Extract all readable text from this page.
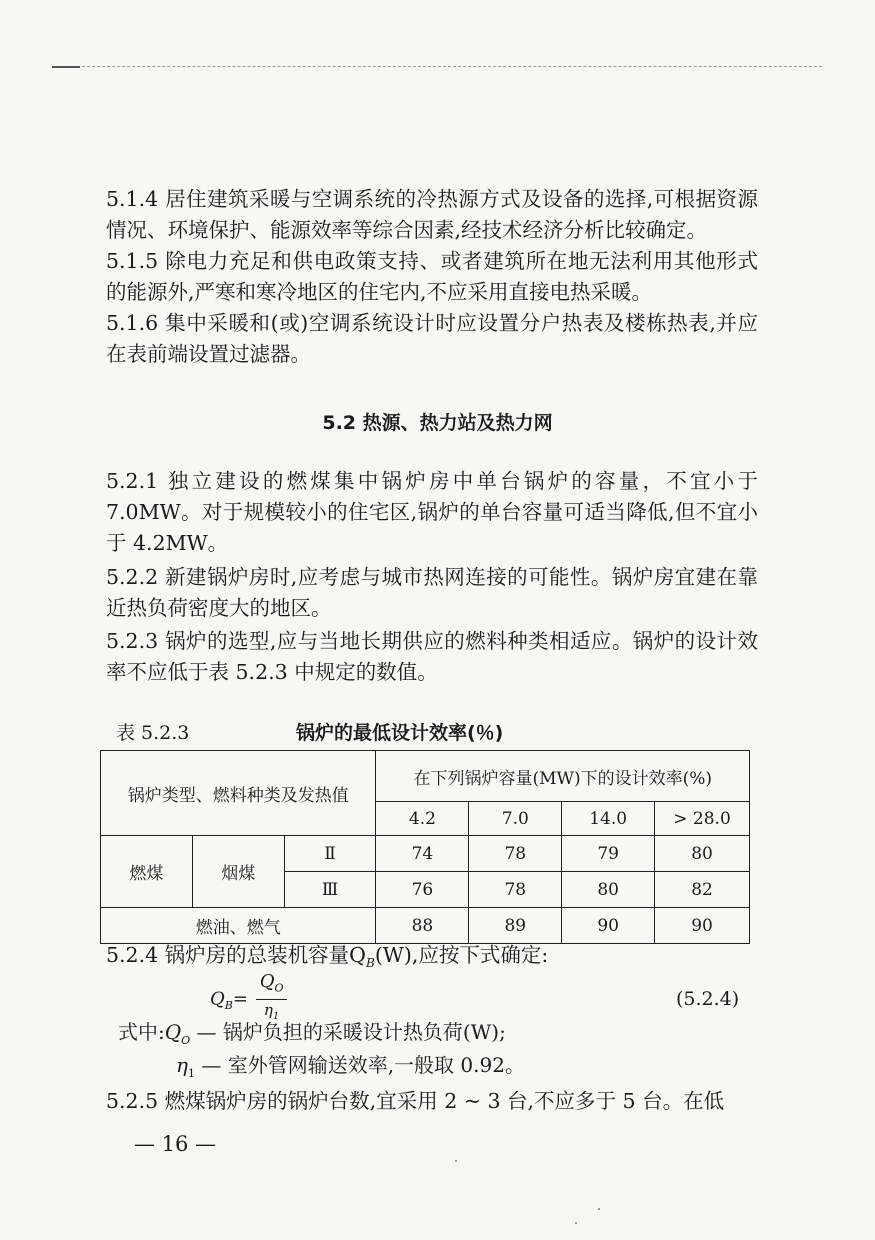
5.1.4 居住建筑采暖与空调系统的冷热源方式及设备的选择,可根据资源情况、环境保护、能源效率等综合因素,经技术经济分析比较确定。

5.1.5 除电力充足和供电政策支持、或者建筑所在地无法利用其他形式的能源外,严寒和寒冷地区的住宅内,不应采用直接电热采暖。

5.1.6 集中采暖和(或)空调系统设计时应设置分户热表及楼栋热表,并应在表前端设置过滤器。

5.2 热源、热力站及热力网

5.2.1 独立建设的燃煤集中锅炉房中单台锅炉的容量，不宜小于7.0MW。对于规模较小的住宅区,锅炉的单台容量可适当降低,但不宜小于 4.2MW。

5.2.2 新建锅炉房时,应考虑与城市热网连接的可能性。锅炉房宜建在靠近热负荷密度大的地区。

5.2.3 锅炉的选型,应与当地长期供应的燃料种类相适应。锅炉的设计效率不应低于表 5.2.3 中规定的数值。

表 5.2.3	锅炉的最低设计效率(％)
锅炉类型、燃料种类及发热值			在下列锅炉容量(MW)下的设计效率(%)			
			4.2	7.0	14.0	> 28.0
燃煤	烟煤	Ⅱ	74	78	79	80
		Ⅲ	76	78	80	82
燃油、燃气			88	89	90	90

5.2.4 锅炉房的总装机容量$Q_B(W)$,应按下式确定:

$Q_B= \frac{Q_O}{\eta_1}$	(5.2.4)
式中$:Q_O$ — 锅炉负担的采暖设计热负荷(W);
$\eta_1$ — 室外管网输送效率,一般取 0.92。

5.2.5 燃煤锅炉房的锅炉台数,宜采用 2 ~ 3 台,不应多于 5 台。在低

— 16 —
